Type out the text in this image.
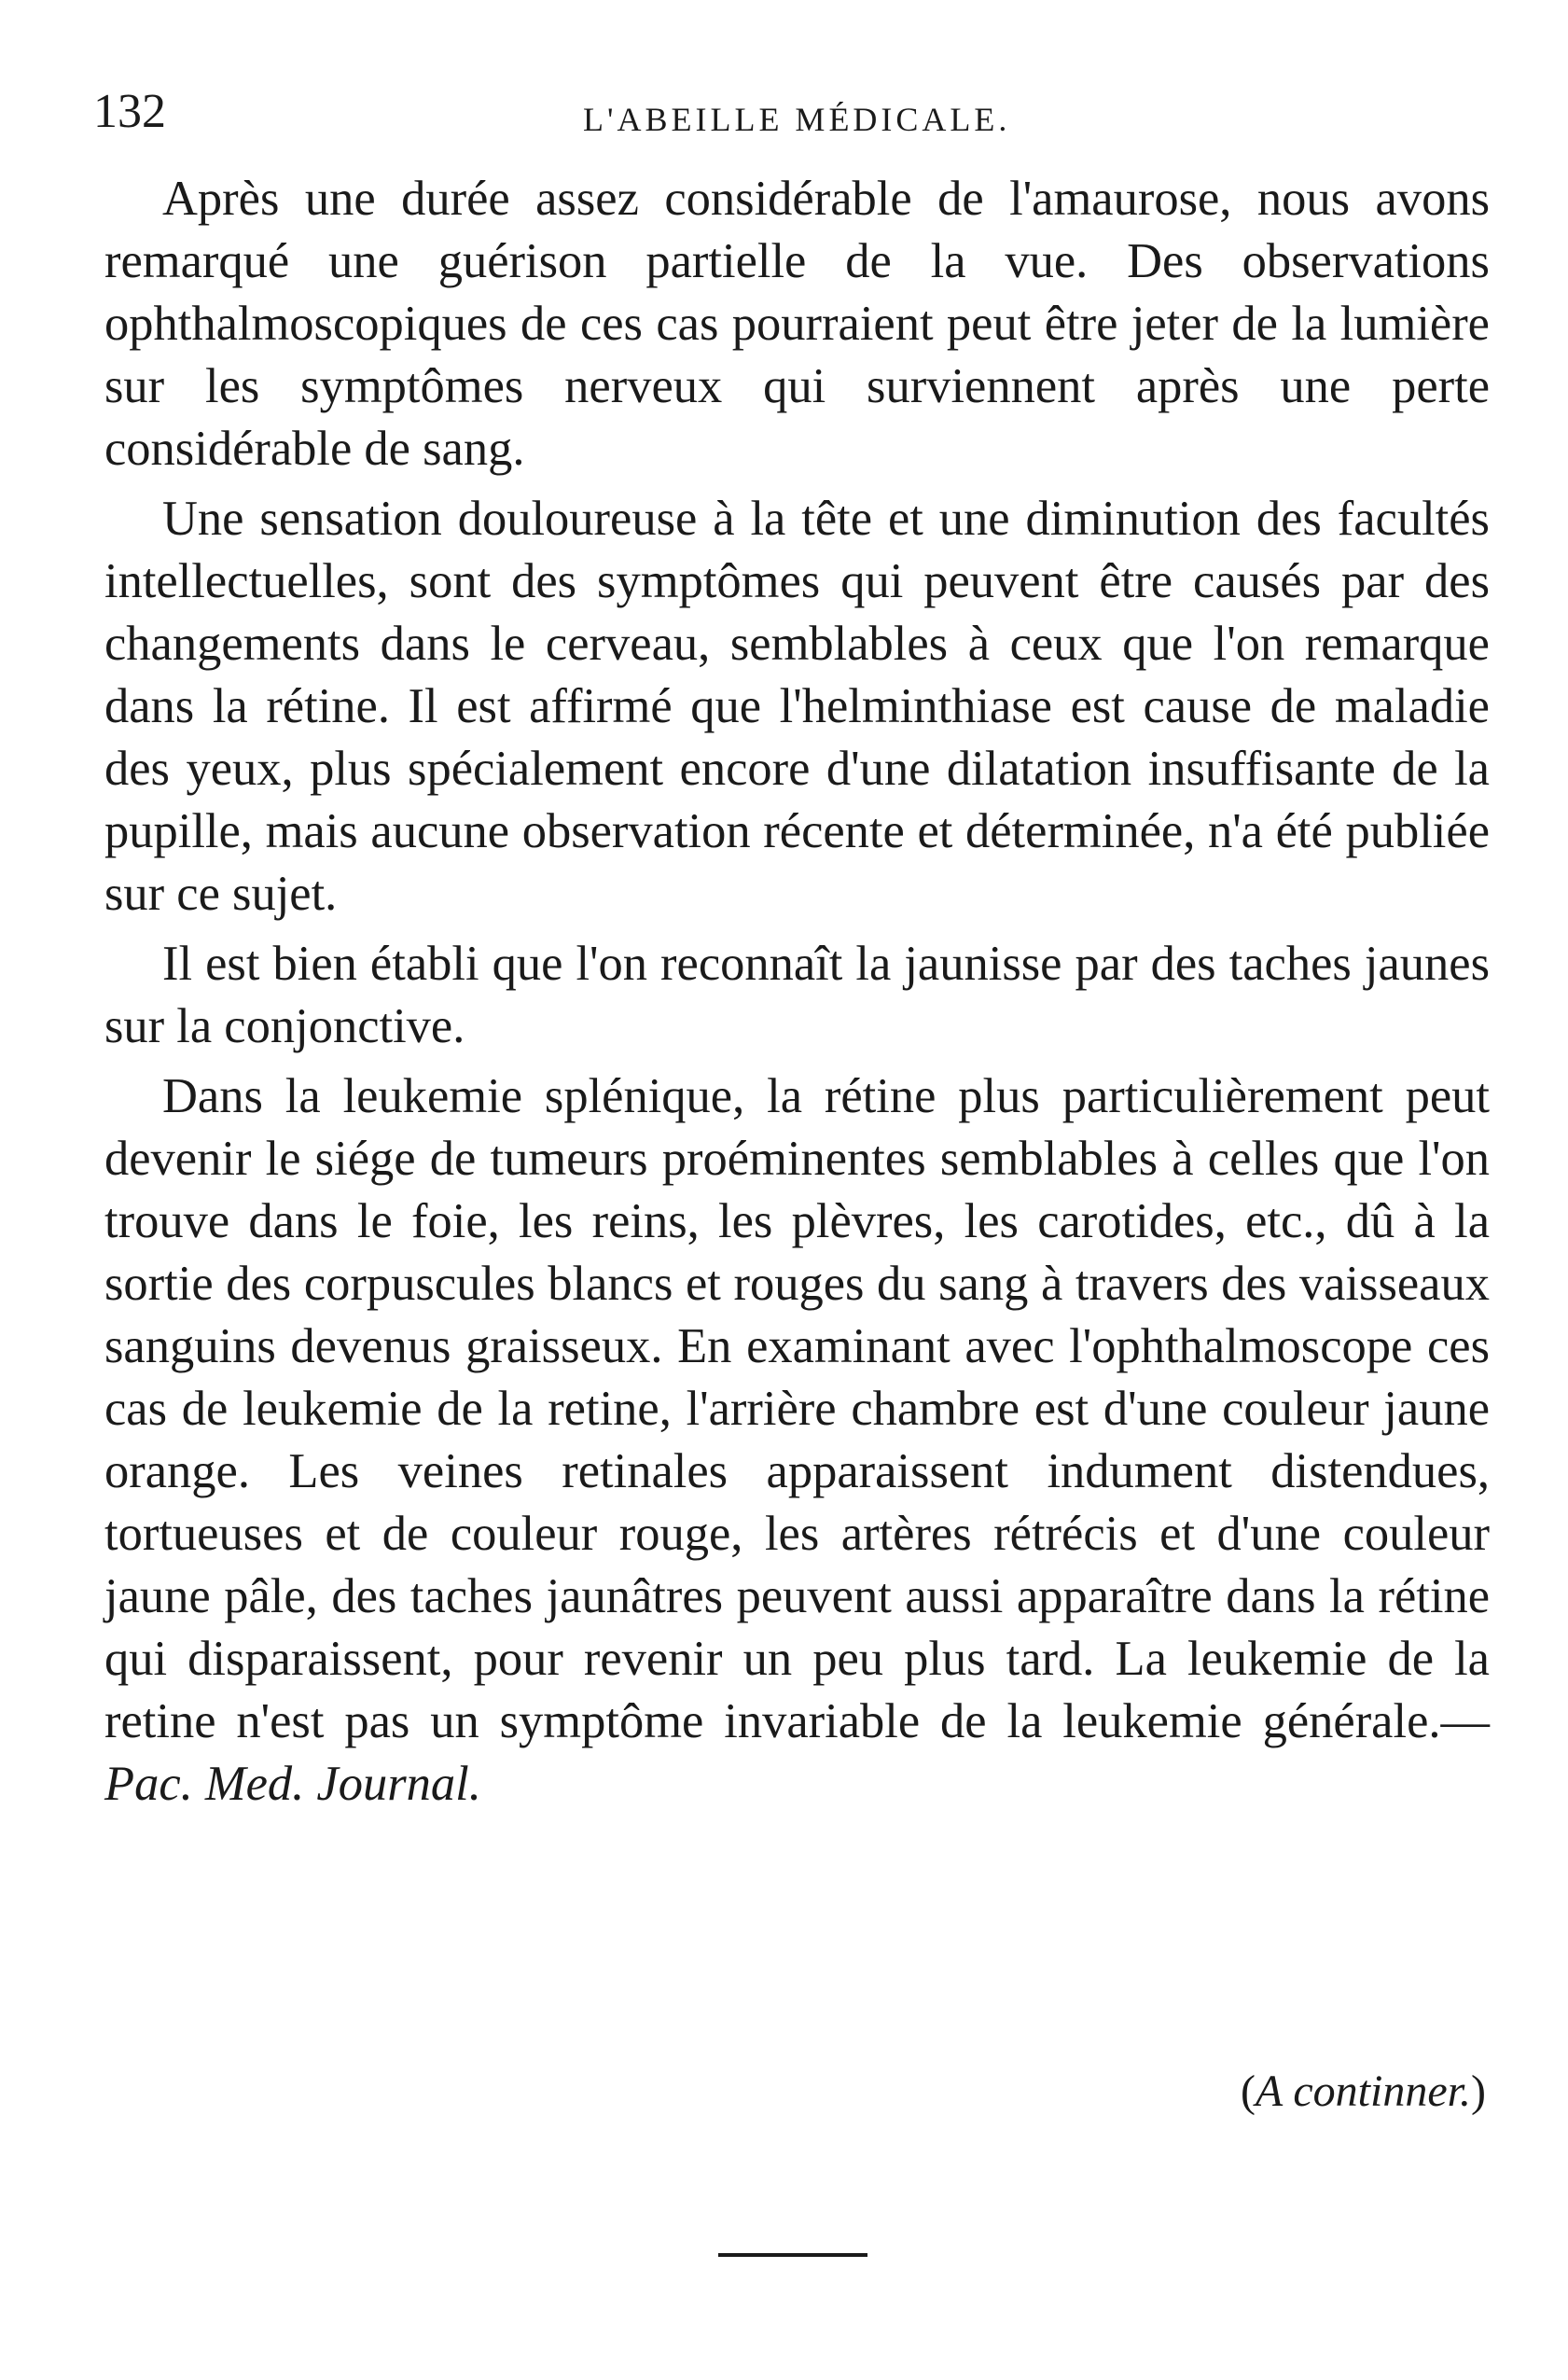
132	L'ABEILLE MÉDICALE.

Après une durée assez considérable de l'amaurose, nous avons remarqué une guérison partielle de la vue. Des observations ophthalmoscopiques de ces cas pourraient peut être jeter de la lumière sur les symptômes nerveux qui surviennent après une perte considérable de sang.

Une sensation douloureuse à la tête et une diminution des facultés intellectuelles, sont des symptômes qui peuvent être causés par des changements dans le cerveau, semblables à ceux que l'on remarque dans la rétine. Il est affirmé que l'helminthiase est cause de maladie des yeux, plus spécialement encore d'une dilatation insuffisante de la pupille, mais aucune observation récente et déterminée, n'a été publiée sur ce sujet.

Il est bien établi que l'on reconnaît la jaunisse par des taches jaunes sur la conjonctive.

Dans la leukemie splénique, la rétine plus particulièrement peut devenir le siége de tumeurs proéminentes semblables à celles que l'on trouve dans le foie, les reins, les plèvres, les carotides, etc., dû à la sortie des corpuscules blancs et rouges du sang à travers des vaisseaux sanguins devenus graisseux. En examinant avec l'ophthalmoscope ces cas de leukemie de la retine, l'arrière chambre est d'une couleur jaune orange. Les veines retinales apparaissent indument distendues, tortueuses et de couleur rouge, les artères rétrécis et d'une couleur jaune pâle, des taches jaunâtres peuvent aussi apparaître dans la rétine qui disparaissent, pour revenir un peu plus tard. La leukemie de la retine n'est pas un symptôme invariable de la leukemie générale.—Pac. Med. Journal.

(A continner.)
